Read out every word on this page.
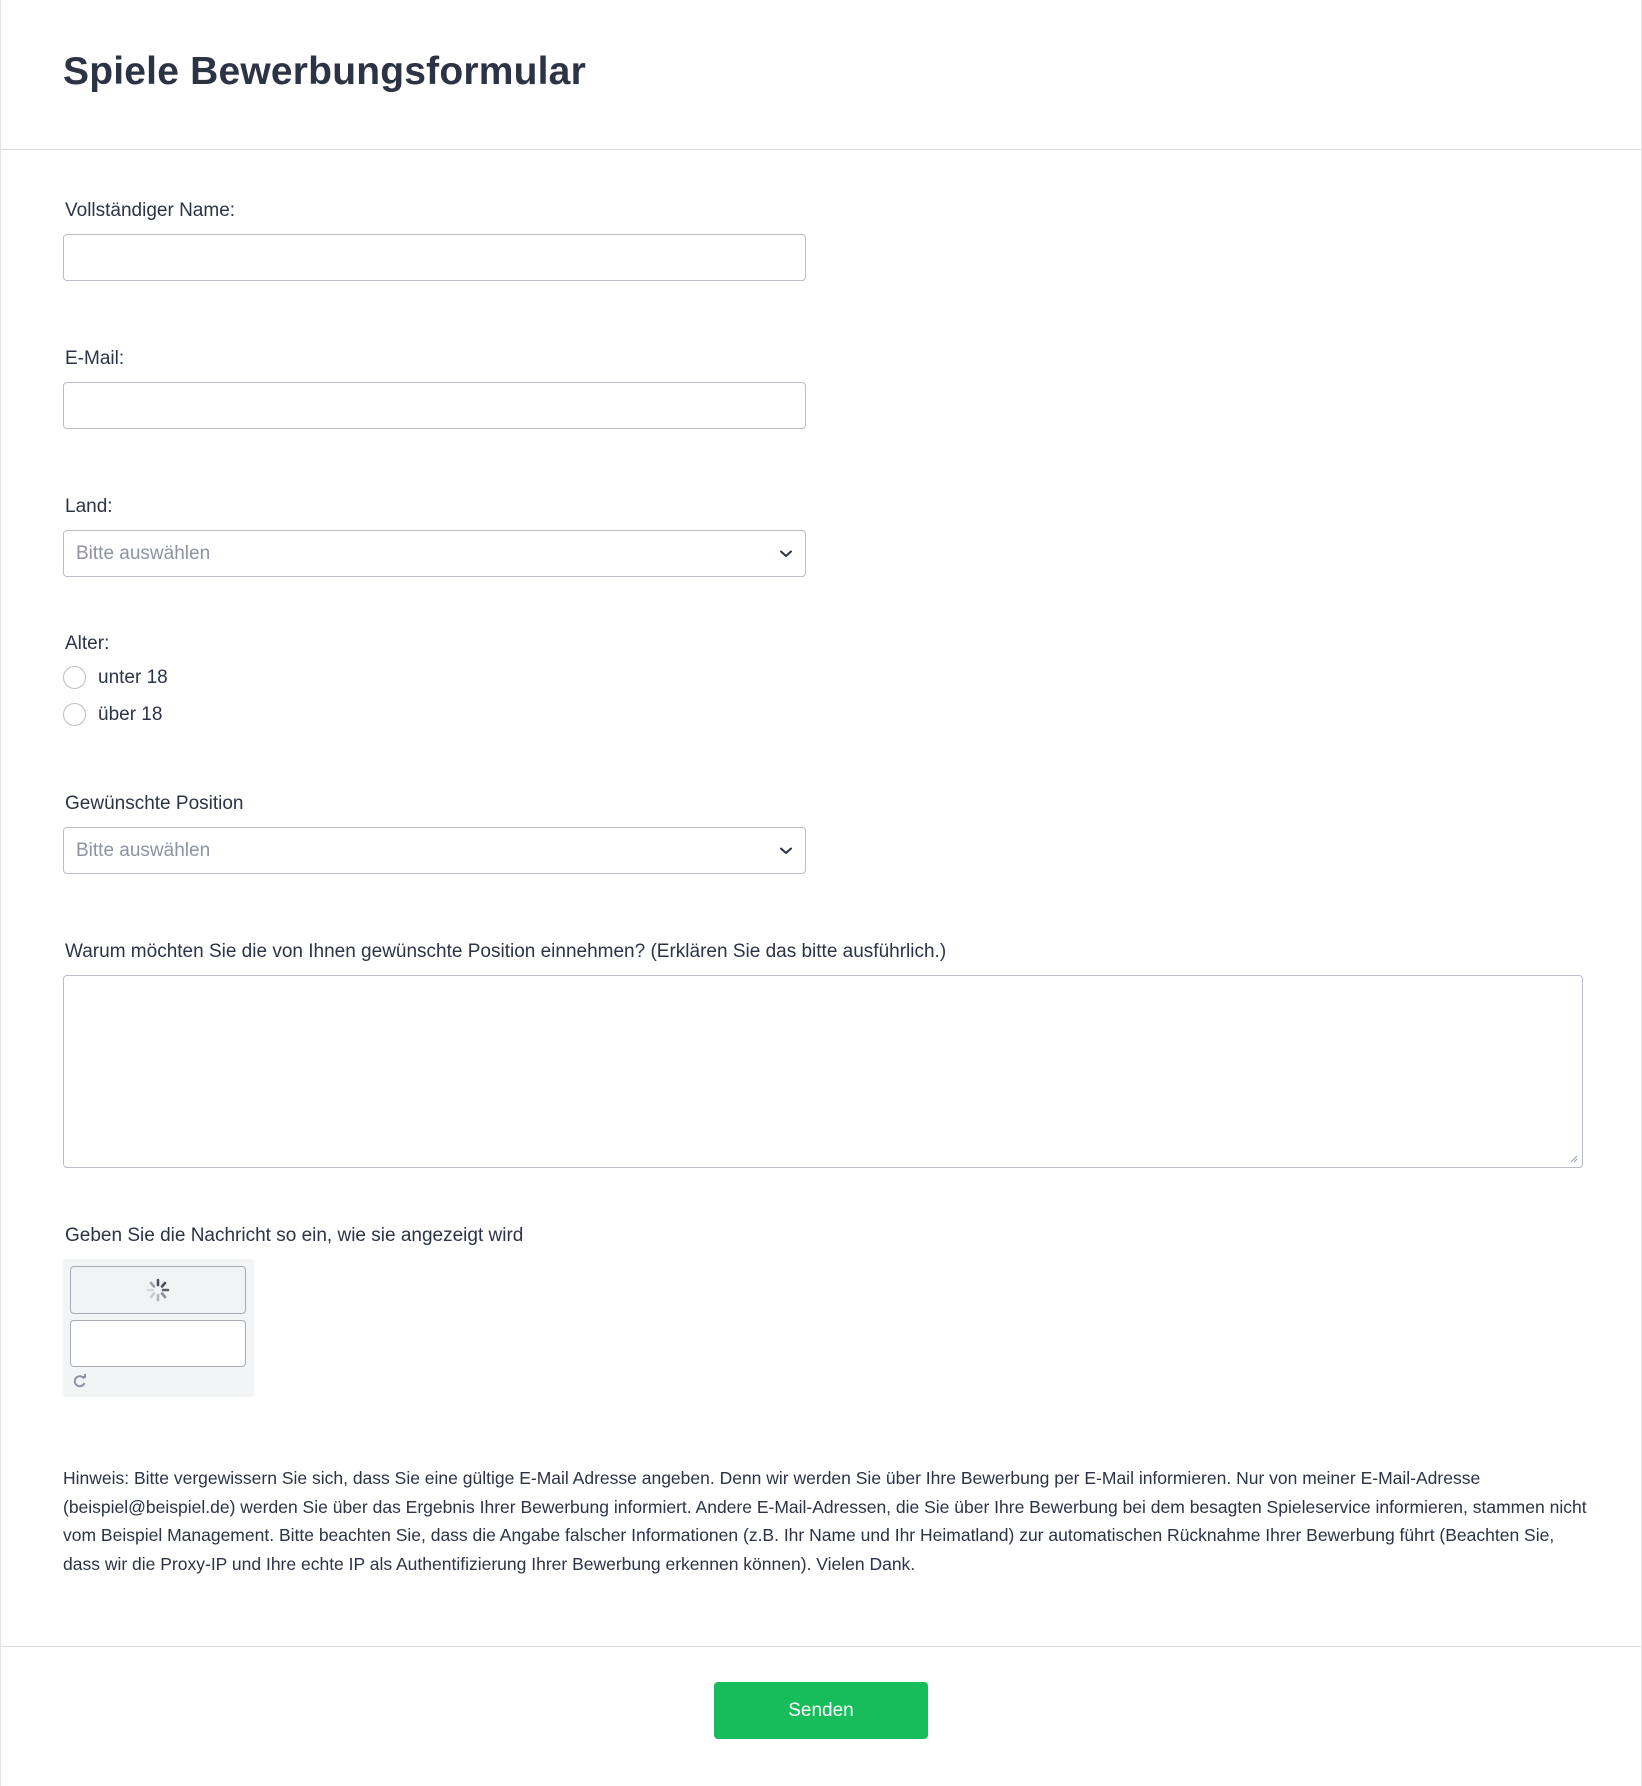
Spiele Bewerbungsformular
Vollständiger Name:
E-Mail:
Land:
Bitte auswählen
Alter:
unter 18
über 18
Gewünschte Position
Bitte auswählen
Warum möchten Sie die von Ihnen gewünschte Position einnehmen? (Erklären Sie das bitte ausführlich.)
Geben Sie die Nachricht so ein, wie sie angezeigt wird
Hinweis: Bitte vergewissern Sie sich, dass Sie eine gültige E-Mail Adresse angeben. Denn wir werden Sie über Ihre Bewerbung per E-Mail informieren. Nur von meiner E-Mail-Adresse (beispiel@beispiel.de) werden Sie über das Ergebnis Ihrer Bewerbung informiert. Andere E-Mail-Adressen, die Sie über Ihre Bewerbung bei dem besagten Spieleservice informieren, stammen nicht vom Beispiel Management. Bitte beachten Sie, dass die Angabe falscher Informationen (z.B. Ihr Name und Ihr Heimatland) zur automatischen Rücknahme Ihrer Bewerbung führt (Beachten Sie, dass wir die Proxy-IP und Ihre echte IP als Authentifizierung Ihrer Bewerbung erkennen können). Vielen Dank.
Senden
